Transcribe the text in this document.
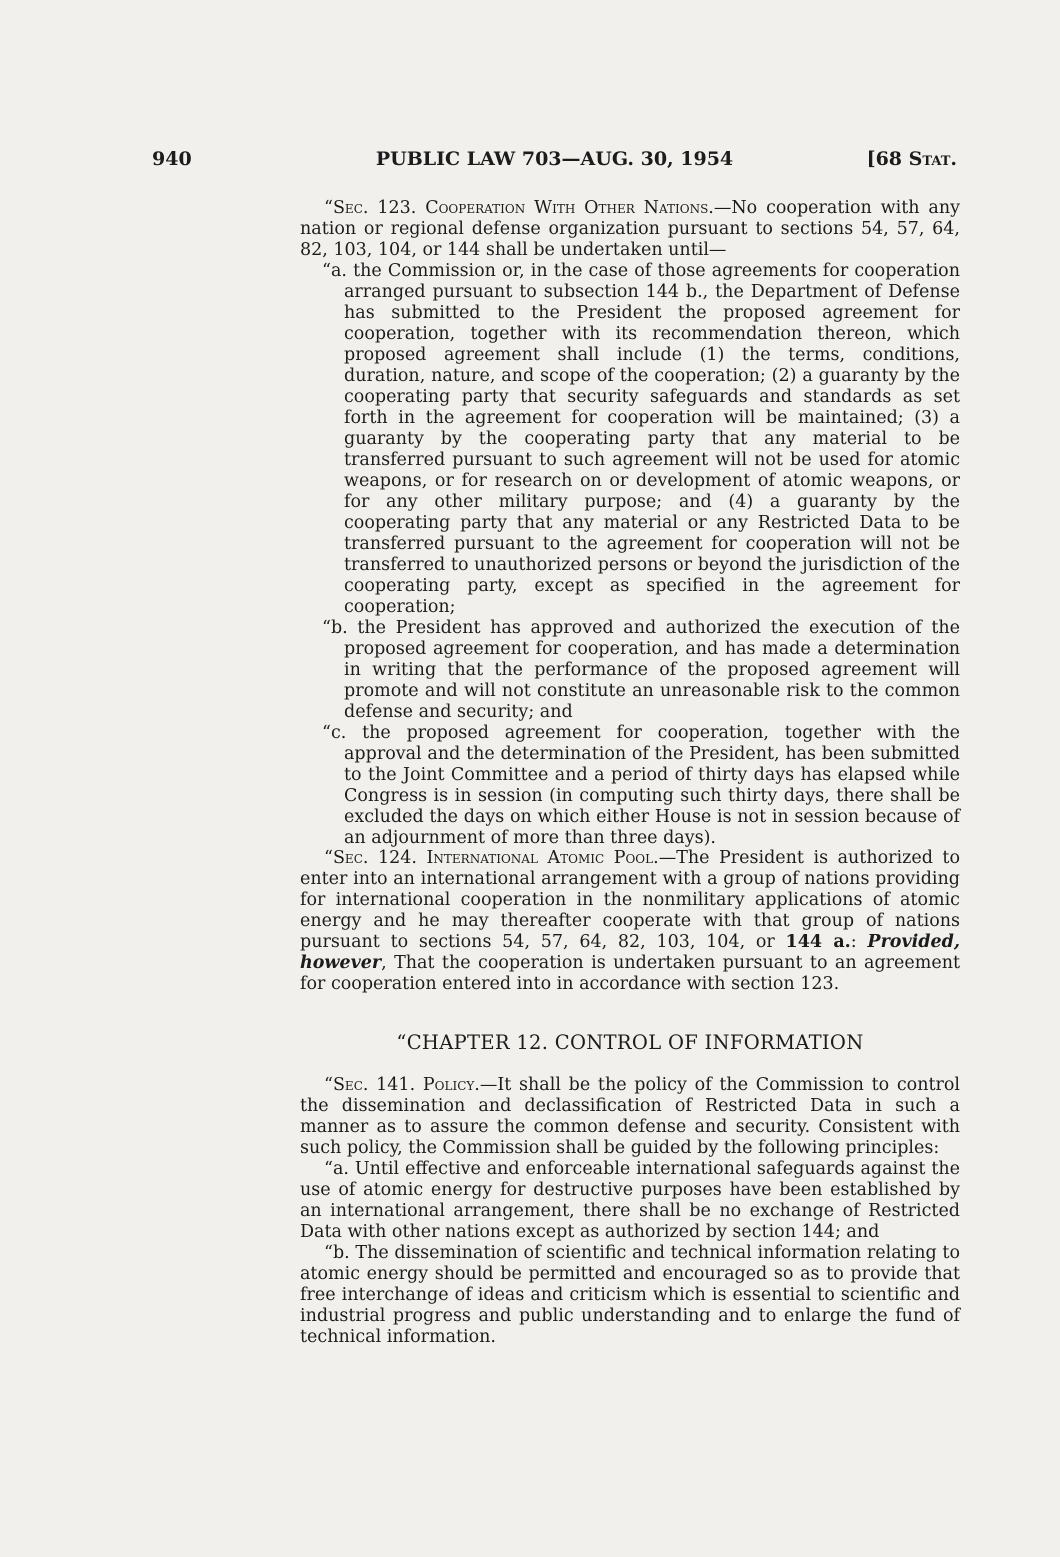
940	PUBLIC LAW 703—AUG. 30, 1954	[68 Stat.

“Sec. 123. Cooperation With Other Nations.—No cooperation with any nation or regional defense organization pursuant to sections 54, 57, 64, 82, 103, 104, or 144 shall be undertaken until—

“a. the Commission or, in the case of those agreements for cooperation arranged pursuant to subsection 144 b., the Department of Defense has submitted to the President the proposed agreement for cooperation, together with its recommendation thereon, which proposed agreement shall include (1) the terms, conditions, duration, nature, and scope of the cooperation; (2) a guaranty by the cooperating party that security safeguards and standards as set forth in the agreement for cooperation will be maintained; (3) a guaranty by the cooperating party that any material to be transferred pursuant to such agreement will not be used for atomic weapons, or for research on or development of atomic weapons, or for any other military purpose; and (4) a guaranty by the cooperating party that any material or any Restricted Data to be transferred pursuant to the agreement for cooperation will not be transferred to unauthorized persons or beyond the jurisdiction of the cooperating party, except as specified in the agreement for cooperation;

“b. the President has approved and authorized the execution of the proposed agreement for cooperation, and has made a determination in writing that the performance of the proposed agreement will promote and will not constitute an unreasonable risk to the common defense and security; and

“c. the proposed agreement for cooperation, together with the approval and the determination of the President, has been submitted to the Joint Committee and a period of thirty days has elapsed while Congress is in session (in computing such thirty days, there shall be excluded the days on which either House is not in session because of an adjournment of more than three days).

“Sec. 124. International Atomic Pool.—The President is authorized to enter into an international arrangement with a group of nations providing for international cooperation in the nonmilitary applications of atomic energy and he may thereafter cooperate with that group of nations pursuant to sections 54, 57, 64, 82, 103, 104, or 144 a.: Provided, however, That the cooperation is undertaken pursuant to an agreement for cooperation entered into in accordance with section 123.

“CHAPTER 12. CONTROL OF INFORMATION

“Sec. 141. Policy.—It shall be the policy of the Commission to control the dissemination and declassification of Restricted Data in such a manner as to assure the common defense and security. Consistent with such policy, the Commission shall be guided by the following principles:

“a. Until effective and enforceable international safeguards against the use of atomic energy for destructive purposes have been established by an international arrangement, there shall be no exchange of Restricted Data with other nations except as authorized by section 144; and

“b. The dissemination of scientific and technical information relating to atomic energy should be permitted and encouraged so as to provide that free interchange of ideas and criticism which is essential to scientific and industrial progress and public understanding and to enlarge the fund of technical information.
